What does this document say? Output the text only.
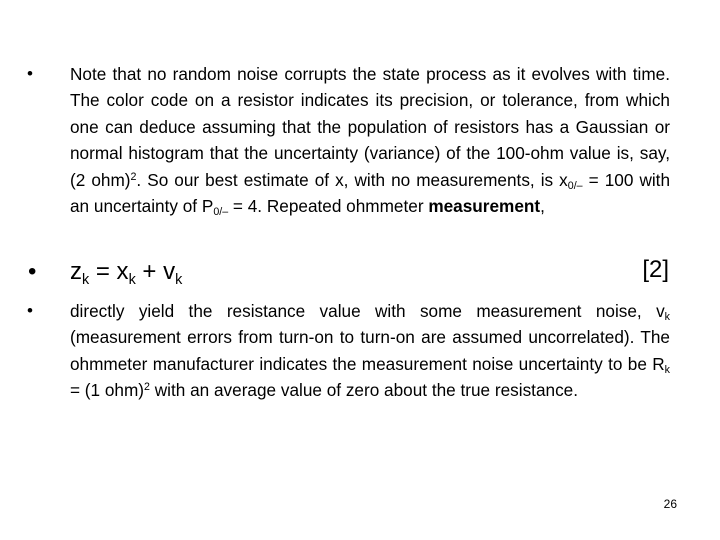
• Note that no random noise corrupts the state process as it evolves with time. The color code on a resistor indicates its precision, or tolerance, from which one can deduce assuming that the population of resistors has a Gaussian or normal histogram that the uncertainty (variance) of the 100-ohm value is, say, (2 ohm)$^2$. So our best estimate of x, with no measurements, is $x_{0/-} = 100$ with an uncertainty of $P_{0/-} = 4$. Repeated ohmmeter measurement,
• $z_k = x_k + v_k$	[2]
• directly yield the resistance value with some measurement noise, $v_k$ (measurement errors from turn-on to turn-on are assumed uncorrelated). The ohmmeter manufacturer indicates the measurement noise uncertainty to be $R_k = (1$ ohm)$^2$ with an average value of zero about the true resistance.
26
